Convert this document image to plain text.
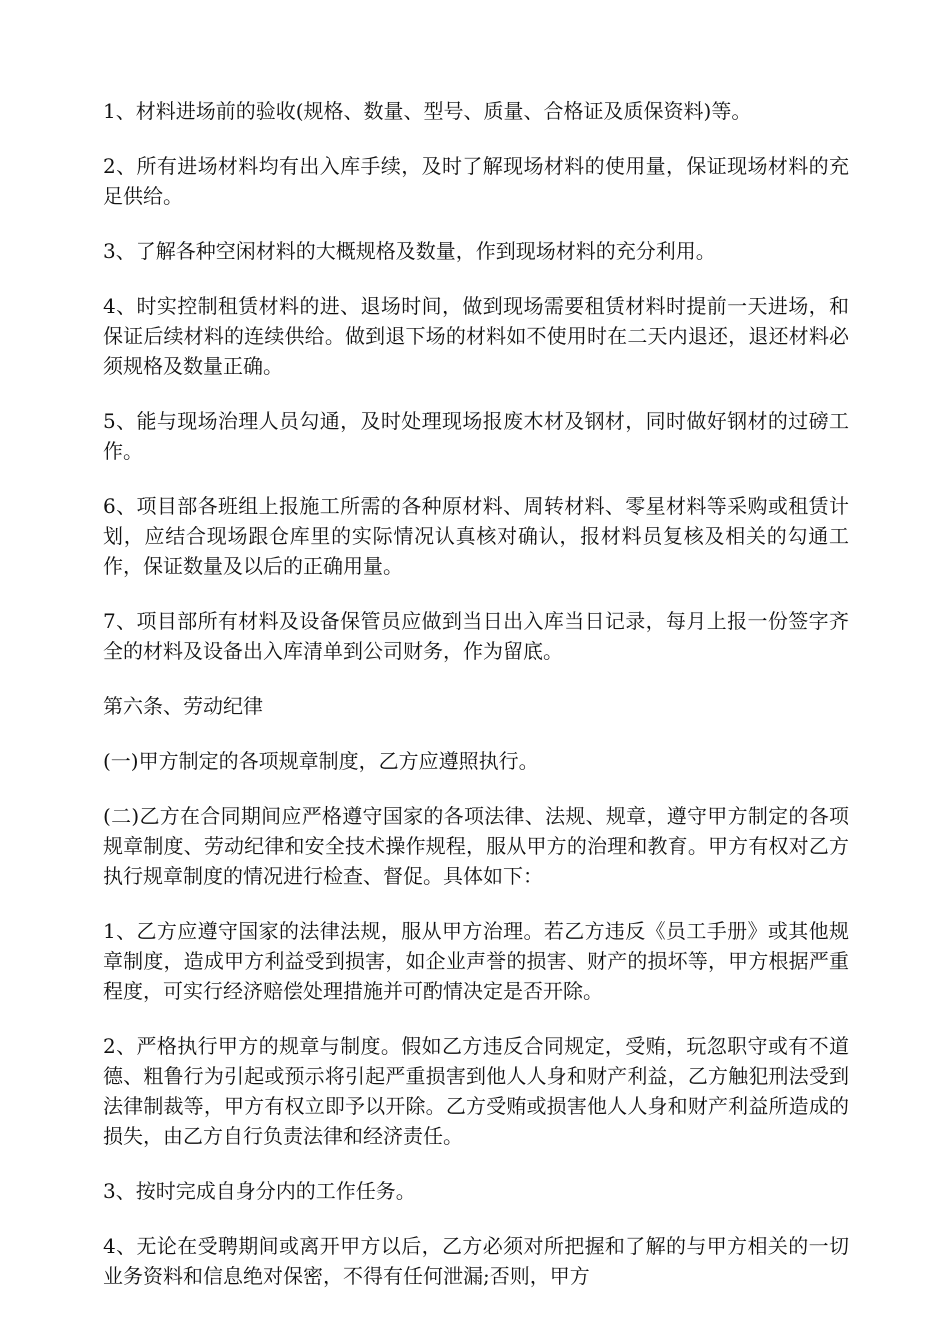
1、材料进场前的验收(规格、数量、型号、质量、合格证及质保资料)等。

2、所有进场材料均有出入库手续，及时了解现场材料的使用量，保证现场材料的充足供给。

3、了解各种空闲材料的大概规格及数量，作到现场材料的充分利用。

4、时实控制租赁材料的进、退场时间，做到现场需要租赁材料时提前一天进场，和保证后续材料的连续供给。做到退下场的材料如不使用时在二天内退还，退还材料必须规格及数量正确。

5、能与现场治理人员勾通，及时处理现场报废木材及钢材，同时做好钢材的过磅工作。

6、项目部各班组上报施工所需的各种原材料、周转材料、零星材料等采购或租赁计划，应结合现场跟仓库里的实际情况认真核对确认，报材料员复核及相关的勾通工作，保证数量及以后的正确用量。

7、项目部所有材料及设备保管员应做到当日出入库当日记录，每月上报一份签字齐全的材料及设备出入库清单到公司财务，作为留底。

第六条、劳动纪律

(一)甲方制定的各项规章制度，乙方应遵照执行。

(二)乙方在合同期间应严格遵守国家的各项法律、法规、规章，遵守甲方制定的各项规章制度、劳动纪律和安全技术操作规程，服从甲方的治理和教育。甲方有权对乙方执行规章制度的情况进行检查、督促。具体如下：

1、乙方应遵守国家的法律法规，服从甲方治理。若乙方违反《员工手册》或其他规章制度，造成甲方利益受到损害，如企业声誉的损害、财产的损坏等，甲方根据严重程度，可实行经济赔偿处理措施并可酌情决定是否开除。

2、严格执行甲方的规章与制度。假如乙方违反合同规定，受贿，玩忽职守或有不道德、粗鲁行为引起或预示将引起严重损害到他人人身和财产利益，乙方触犯刑法受到法律制裁等，甲方有权立即予以开除。乙方受贿或损害他人人身和财产利益所造成的损失，由乙方自行负责法律和经济责任。

3、按时完成自身分内的工作任务。

4、无论在受聘期间或离开甲方以后，乙方必须对所把握和了解的与甲方相关的一切业务资料和信息绝对保密，不得有任何泄漏;否则，甲方
